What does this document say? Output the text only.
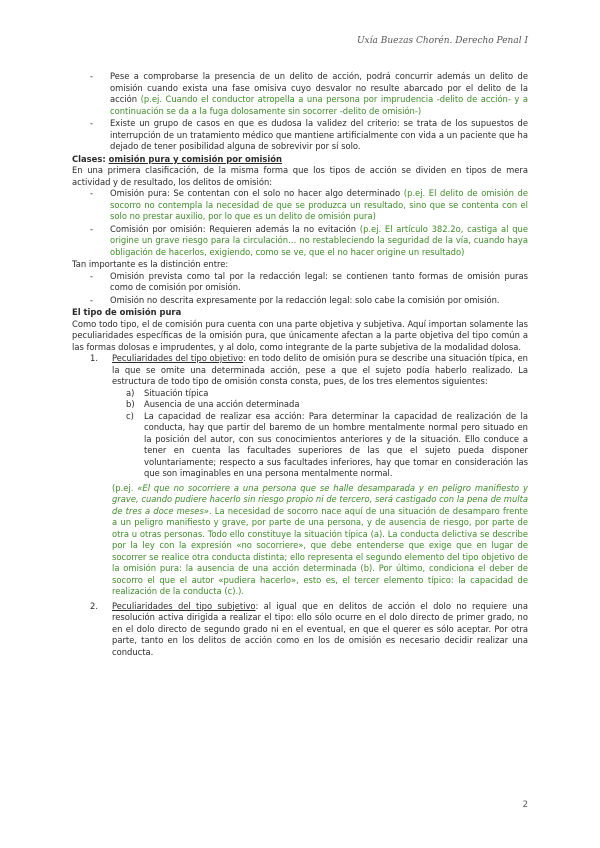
Uxía Buezas Chorén. Derecho Penal I
- Pese a comprobarse la presencia de un delito de acción, podrá concurrir además un delito de omisión cuando exista una fase omisiva cuyo desvalor no resulte abarcado por el delito de la acción (p.ej. Cuando el conductor atropella a una persona por imprudencia -delito de acción- y a continuación se da a la fuga dolosamente sin socorrer -delito de omisión-)
- Existe un grupo de casos en que es dudosa la validez del criterio: se trata de los supuestos de interrupción de un tratamiento médico que mantiene artificialmente con vida a un paciente que ha dejado de tener posibilidad alguna de sobrevivir por sí solo.

Clases: omisión pura y comisión por omisión

En una primera clasificación, de la misma forma que los tipos de acción se dividen en tipos de mera actividad y de resultado, los delitos de omisión:

- Omisión pura: Se contentan con el solo no hacer algo determinado (p.ej. El delito de omisión de socorro no contempla la necesidad de que se produzca un resultado, sino que se contenta con el solo no prestar auxilio, por lo que es un delito de omisión pura)
- Comisión por omisión: Requieren además la no evitación (p.ej. El artículo 382.2o, castiga al que origine un grave riesgo para la circulación… no restableciendo la seguridad de la vía, cuando haya obligación de hacerlos, exigiendo, como se ve, que el no hacer origine un resultado)

Tan importante es la distinción entre:

- Omisión prevista como tal por la redacción legal: se contienen tanto formas de omisión puras como de comisión por omisión.
- Omisión no descrita expresamente por la redacción legal: solo cabe la comisión por omisión.

El tipo de omisión pura

Como todo tipo, el de comisión pura cuenta con una parte objetiva y subjetiva. Aquí importan solamente las peculiaridades específicas de la omisión pura, que únicamente afectan a la parte objetiva del tipo común a las formas dolosas e imprudentes, y al dolo, como integrante de la parte subjetiva de la modalidad dolosa.

1. Peculiaridades del tipo objetivo: en todo delito de omisión pura se describe una situación típica, en la que se omite una determinada acción, pese a que el sujeto podía haberlo realizado. La estructura de todo tipo de omisión consta consta, pues, de los tres elementos siguientes:
a) Situación típica
b) Ausencia de una acción determinada
c) La capacidad de realizar esa acción: Para determinar la capacidad de realización de la conducta, hay que partir del baremo de un hombre mentalmente normal pero situado en la posición del autor, con sus conocimientos anteriores y de la situación. Ello conduce a tener en cuenta las facultades superiores de las que el sujeto pueda disponer voluntariamente; respecto a sus facultades inferiores, hay que tomar en consideración las que son imaginables en una persona mentalmente normal.

(p.ej. «El que no socorriere a una persona que se halle desamparada y en peligro manifiesto y grave, cuando pudiere hacerlo sin riesgo propio ni de tercero, será castigado con la pena de multa de tres a doce meses». La necesidad de socorro nace aquí de una situación de desamparo frente a un peligro manifiesto y grave, por parte de una persona, y de ausencia de riesgo, por parte de otra u otras personas. Todo ello constituye la situación típica (a). La conducta delictiva se describe por la ley con la expresión «no socorriere», que debe entenderse que exige que en lugar de socorrer se realice otra conducta distinta; ello representa el segundo elemento del tipo objetivo de la omisión pura: la ausencia de una acción determinada (b). Por último, condiciona el deber de socorro el que el autor «pudiera hacerlo», esto es, el tercer elemento típico: la capacidad de realización de la conducta (c).).

2. Peculiaridades del tipo subjetivo: al igual que en delitos de acción el dolo no requiere una resolución activa dirigida a realizar el tipo: ello sólo ocurre en el dolo directo de primer grado, no en el dolo directo de segundo grado ni en el eventual, en que el querer es sólo aceptar. Por otra parte, tanto en los delitos de acción como en los de omisión es necesario decidir realizar una conducta.
2
